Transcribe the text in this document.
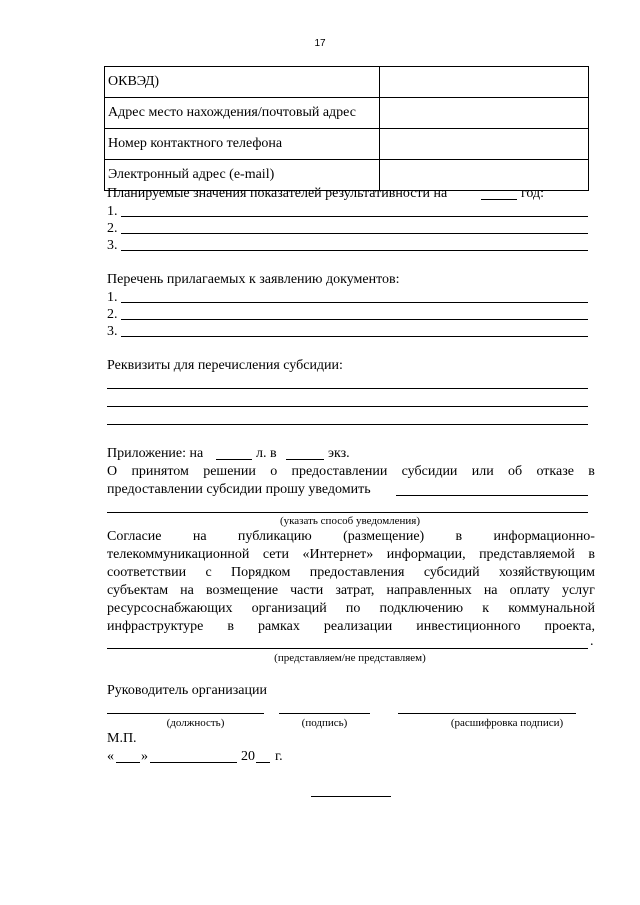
17
ОКВЭД)	
Адрес место нахождения/почтовый адрес	
Номер контактного телефона	
Электронный адрес (e-mail)	
Планируемые значения показателей результативности на	год:
1.
2.
3.
Перечень прилагаемых к заявлению документов:
1.
2.
3.
Реквизиты для перечисления субсидии:
Приложение: на	л. в	экз.
О принятом решении о предоставлении субсидии или об отказе в
предоставлении субсидии прошу уведомить
(указать способ уведомления)
Согласие на публикацию (размещение) в информационно-
телекоммуникационной сети «Интернет» информации, представляемой в
соответствии с Порядком предоставления субсидий хозяйствующим
субъектам на возмещение части затрат, направленных на оплату услуг
ресурсоснабжающих организаций по подключению к коммунальной
инфраструктуре в рамках реализации инвестиционного проекта,
.
(представляем/не представляем)
Руководитель организации
(должность)	(подпись)	(расшифровка подписи)
М.П.
« »	20 г.
